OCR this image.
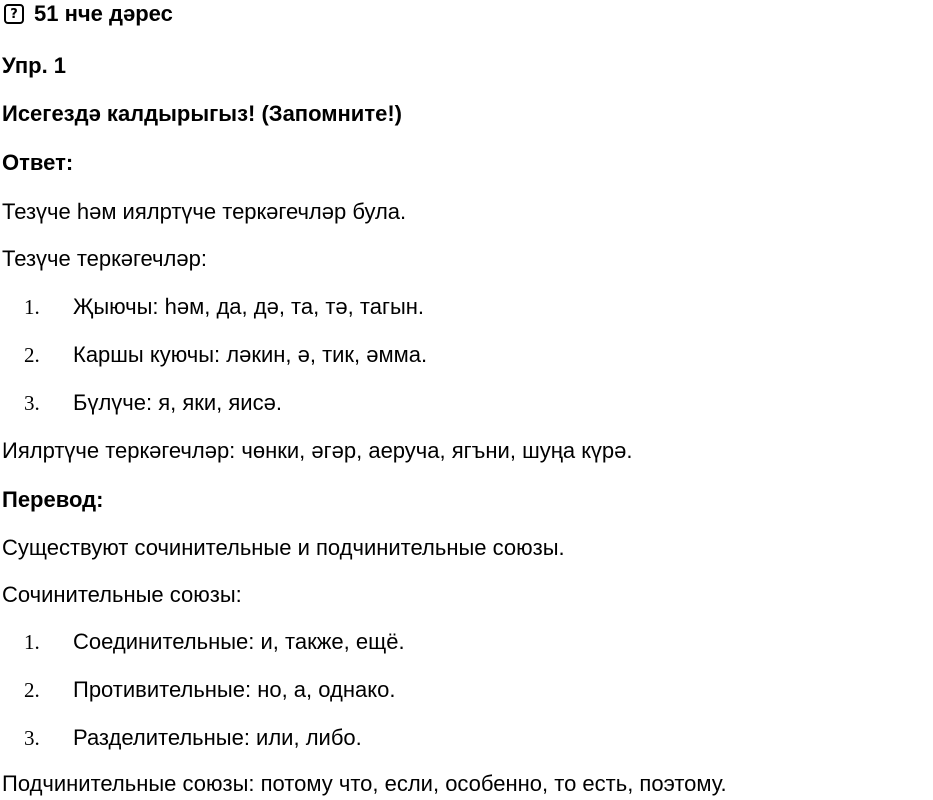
? 51 нче дәрес
Упр. 1
Исегездә калдырыгыз! (Запомните!)
Ответ:
Тезүче һәм иялртүче теркәгечләр була.
Тезүче теркәгечләр:
1.	Җыючы: һәм, да, дә, та, тә, тагын.
2.	Каршы куючы: ләкин, ә, тик, әмма.
3.	Бүлүче: я, яки, яисә.
Иялртүче теркәгечләр: чөнки, әгәр, аеруча, ягъни, шуңа күрә.
Перевод:
Существуют сочинительные и подчинительные союзы.
Сочинительные союзы:
1.	Соединительные: и, также, ещё.
2.	Противительные: но, а, однако.
3.	Разделительные: или, либо.
Подчинительные союзы: потому что, если, особенно, то есть, поэтому.
